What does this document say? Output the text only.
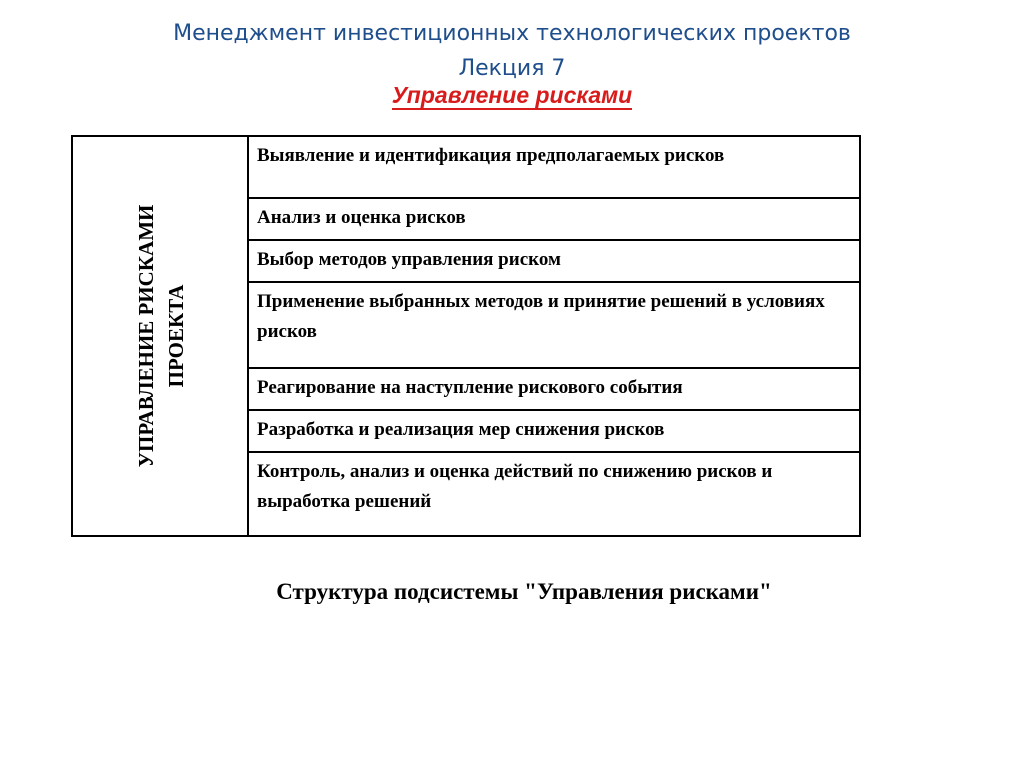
Менеджмент инвестиционных технологических проектов
Лекция 7
Управление рисками
УПРАВЛЕНИЕ РИСКАМИ ПРОЕКТА
Выявление и идентификация предполагаемых рисков
Анализ и оценка рисков
Выбор методов управления риском
Применение выбранных методов и принятие решений в условиях рисков
Реагирование на наступление рискового события
Разработка и реализация мер снижения рисков
Контроль, анализ и оценка действий по снижению рисков и выработка решений
Структура подсистемы "Управления рисками"
